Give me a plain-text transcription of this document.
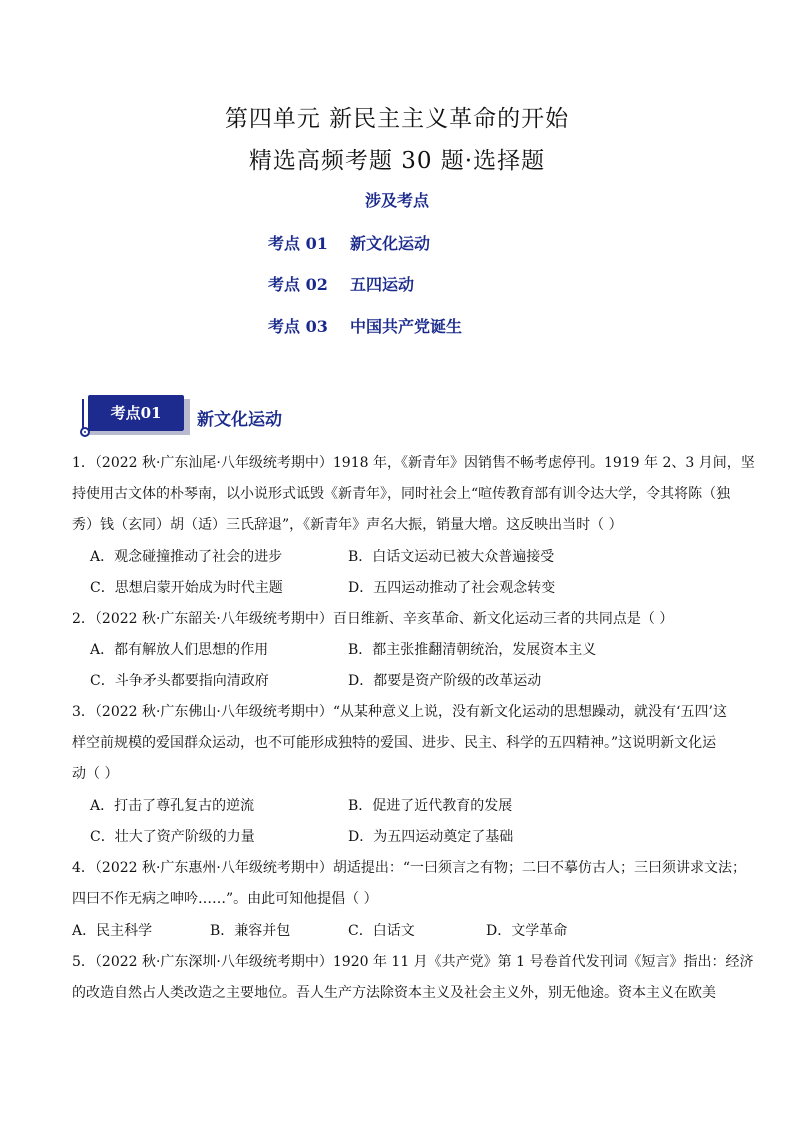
第四单元 新民主主义革命的开始
精选高频考题 30 题·选择题
涉及考点
考点 01 新文化运动
考点 02 五四运动
考点 03 中国共产党诞生
考点01	新文化运动
1．（2022 秋·广东汕尾·八年级统考期中）1918 年，《新青年》因销售不畅考虑停刊。1919 年 2、3 月间，坚
持使用古文体的朴琴南，以小说形式诋毁《新青年》，同时社会上“喧传教育部有训令达大学，令其将陈（独
秀）钱（玄同）胡（适）三氏辞退”，《新青年》声名大振，销量大增。这反映出当时（ ）
A．观念碰撞推动了社会的进步	B．白话文运动已被大众普遍接受
C．思想启蒙开始成为时代主题	D．五四运动推动了社会观念转变
2．（2022 秋·广东韶关·八年级统考期中）百日维新、辛亥革命、新文化运动三者的共同点是（ ）
A．都有解放人们思想的作用	B．都主张推翻清朝统治，发展资本主义
C．斗争矛头都要指向清政府	D．都要是资产阶级的改革运动
3．（2022 秋·广东佛山·八年级统考期中）“从某种意义上说，没有新文化运动的思想躁动，就没有‘五四’这
样空前规模的爱国群众运动，也不可能形成独特的爱国、进步、民主、科学的五四精神。”这说明新文化运
动（ ）
A．打击了尊孔复古的逆流	B．促进了近代教育的发展
C．壮大了资产阶级的力量	D．为五四运动奠定了基础
4．（2022 秋·广东惠州·八年级统考期中）胡适提出：“一曰须言之有物；二曰不摹仿古人；三曰须讲求文法；
四曰不作无病之呻吟……”。由此可知他提倡（ ）
A．民主科学	B．兼容并包	C．白话文	D．文学革命
5．（2022 秋·广东深圳·八年级统考期中）1920 年 11 月《共产党》第 1 号卷首代发刊词《短言》指出：经济
的改造自然占人类改造之主要地位。吾人生产方法除资本主义及社会主义外，别无他途。资本主义在欧美
